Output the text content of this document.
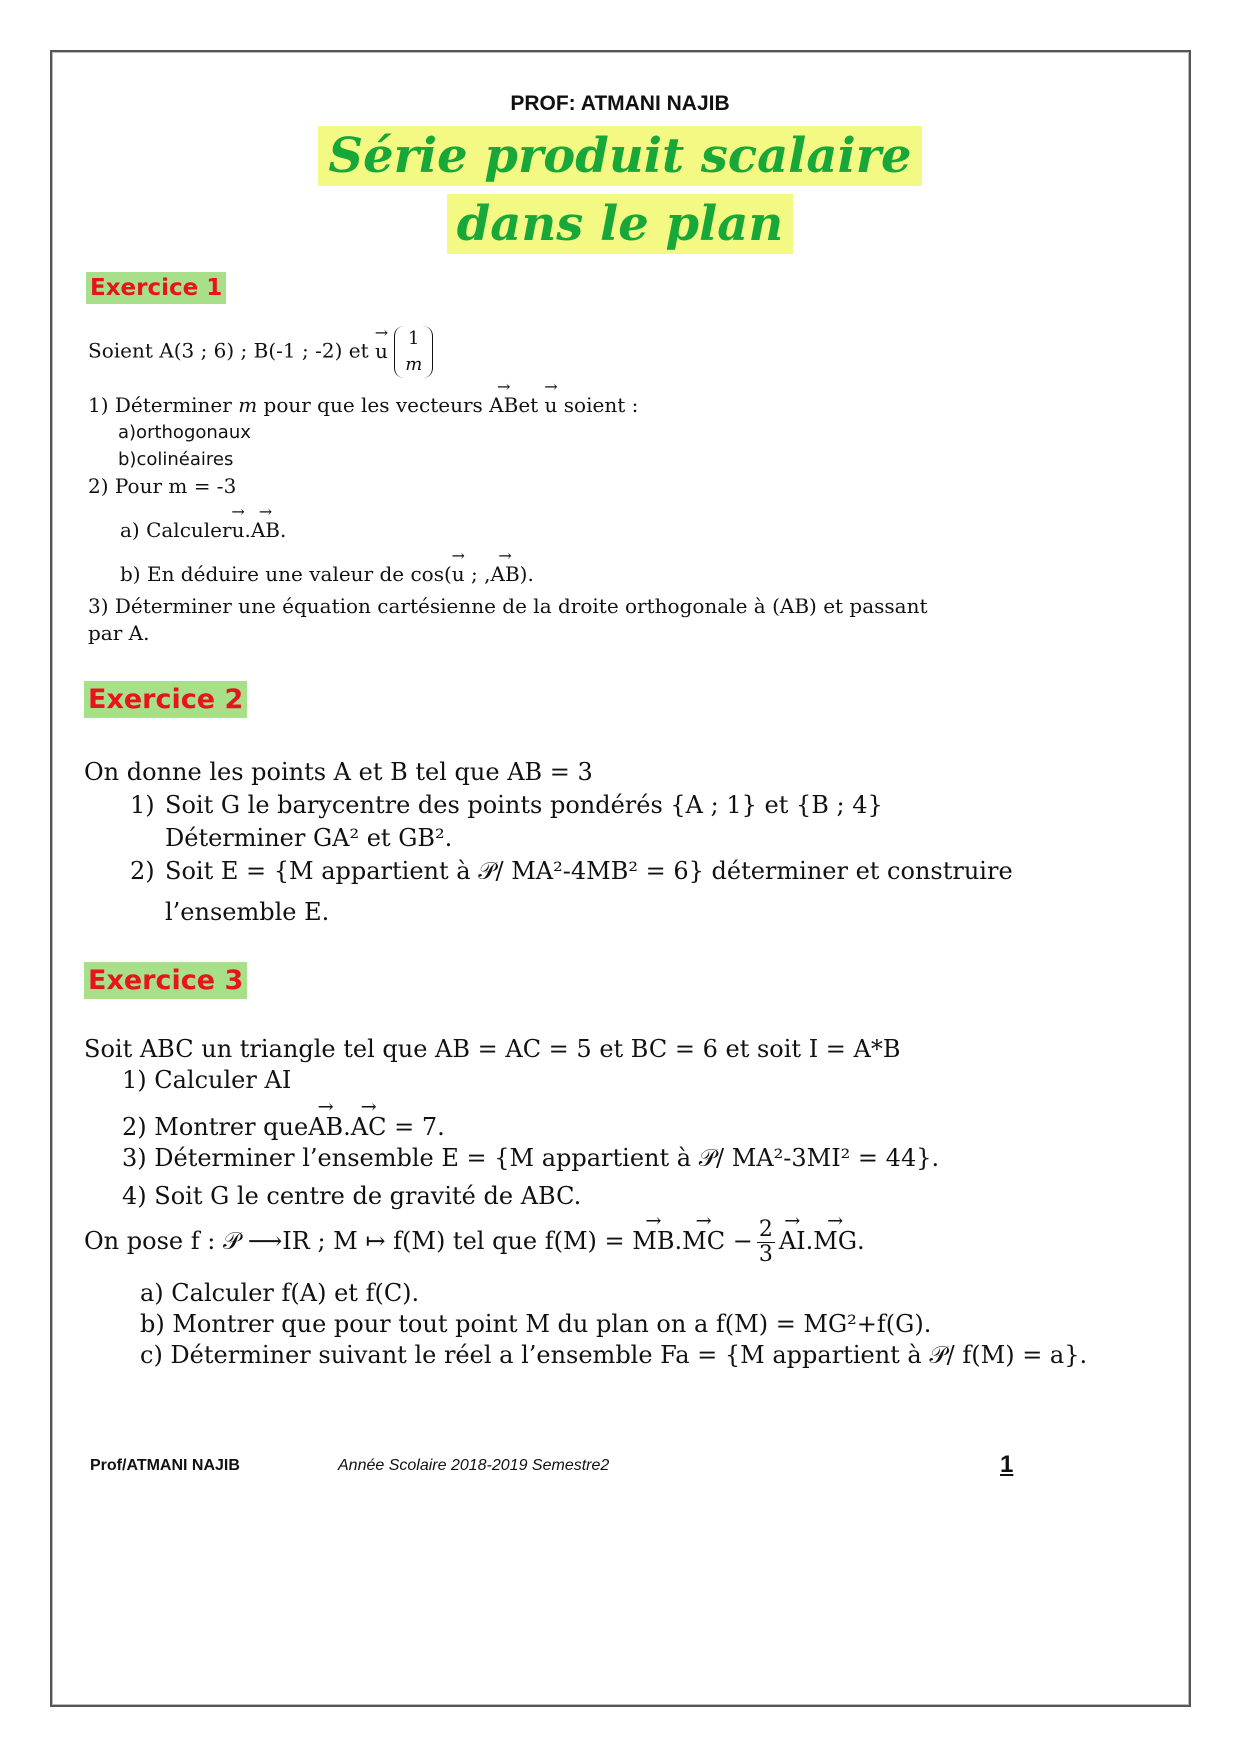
PROF: ATMANI NAJIB
Série produit scalaire
dans le plan
Exercice 1
Soient A(3 ; 6) ; B(-1 ; -2) et → u 1
m
1) Déterminer m pour que les vecteurs → ABet → u soient :
a)orthogonaux
b)colinéaires
2) Pour m = -3
a) Calculer→ u.→ AB.
b) En déduire une valeur de cos(→ u ; ,→ AB).
3) Déterminer une équation cartésienne de la droite orthogonale à (AB) et passant
par A.
Exercice 2
On donne les points A et B tel que AB = 3
1) Soit G le barycentre des points pondérés {A ; 1} et {B ; 4}
Déterminer GA² et GB².
2) Soit E = {M appartient à 𝒫/ MA²-4MB² = 6} déterminer et construire
l’ensemble E.
Exercice 3
Soit ABC un triangle tel que AB = AC = 5 et BC = 6 et soit I = A*B
1) Calculer AI
2) Montrer que→ AB.→ AC = 7.
3) Déterminer l’ensemble E = {M appartient à 𝒫/ MA²-3MI² = 44}.
4) Soit G le centre de gravité de ABC.
On pose f : 𝒫 ⟶IR ; M ↦ f(M) tel que f(M) = → MB.→ MC − $\frac{2}{3}$
→ AI.→ MG.
a) Calculer f(A) et f(C).
b) Montrer que pour tout point M du plan on a f(M) = MG²+f(G).
c) Déterminer suivant le réel a l’ensemble Fa = {M appartient à 𝒫/ f(M) = a}.
Prof/ATMANI NAJIB	Année Scolaire 2018-2019 Semestre2	1
